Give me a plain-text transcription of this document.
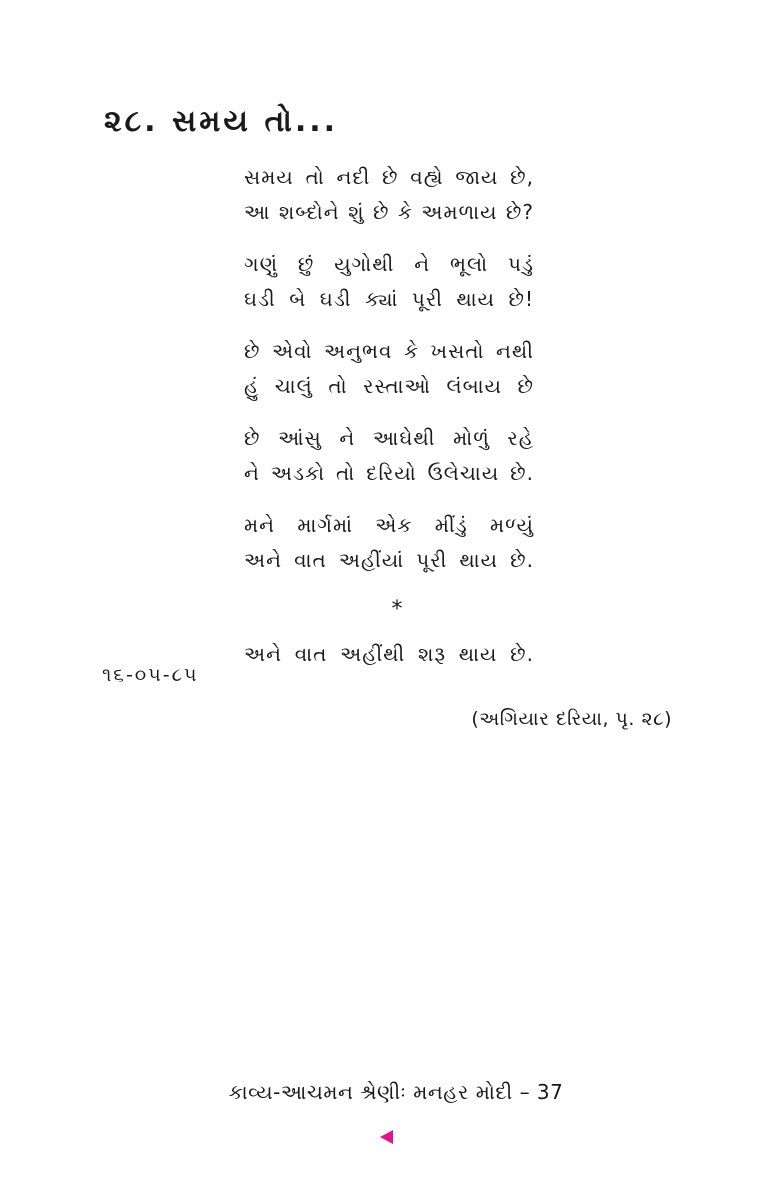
૨૮. સમય તો...
સમય તો નદી છે વહ્યે જાય છે,
આ શબ્દોને શું છે કે અમળાય છે?
ગણું છું યુગોથી ને ભૂલો પડું
ઘડી બે ઘડી ક્યાં પૂરી થાય છે!
છે એવો અનુભવ કે ખસતો નથી
હું ચાલું તો રસ્તાઓ લંબાય છે
છે આંસુ ને આઘેથી મોળું રહે
ને અડકો તો દરિયો ઉલેચાય છે.
મને માર્ગમાં એક મીંડું મળ્યું
અને વાત અહીંયાં પૂરી થાય છે.
*
અને વાત અહીંથી શરૂ થાય છે.
૧૬-૦૫-૮૫
(અગિયાર દરિયા, પૃ. ૨૮)
કાવ્ય-આચમન શ્રેણીઃ મનહર મોદી – 37
